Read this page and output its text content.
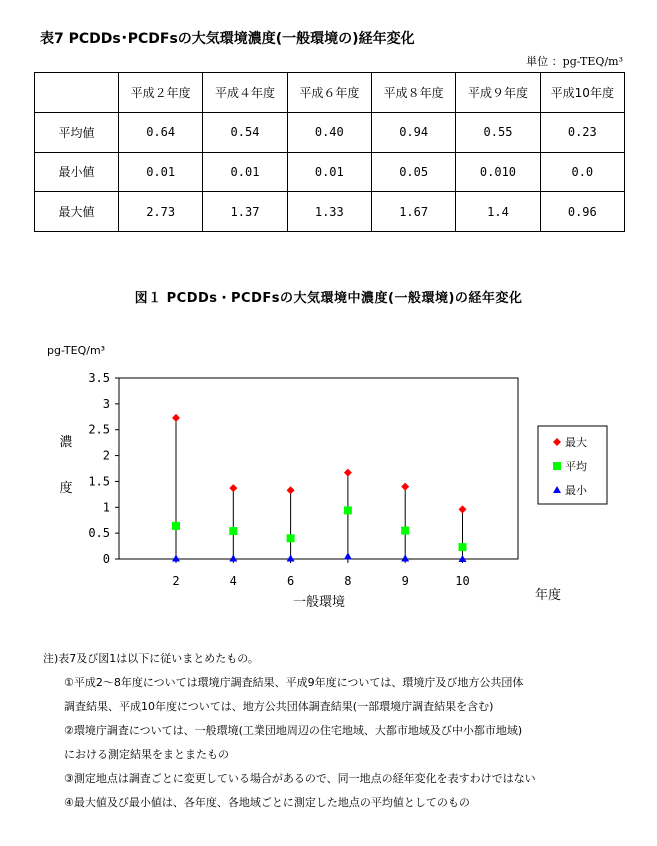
表7 PCDDs･PCDFsの大気環境濃度(一般環境の)経年変化
単位 ：pg-TEQ/m³
	平成２年度	平成４年度	平成６年度	平成８年度	平成９年度	平成10年度
平均値	0.64	0.54	0.40	0.94	0.55	0.23
最小値	0.01	0.01	0.01	0.05	0.010	0.0
最大値	2.73	1.37	1.33	1.67	1.4	0.96
図１ PCDDs・PCDFsの大気環境中濃度(一般環境)の経年変化
pg-TEQ/m³
0
0.5
1
1.5
2
2.5
3
3.5
2	4	6	8	9	10
濃
度
一般環境	年度
最大
平均
最小
注)表7及び図1は以下に従いまとめたもの。
①平成2～8年度については環境庁調査結果、平成9年度については、環境庁及び地方公共団体
調査結果、平成10年度については、地方公共団体調査結果(一部環境庁調査結果を含む)
②環境庁調査については、一般環境(工業団地周辺の住宅地域、大都市地域及び中小都市地域)
における測定結果をまとまたもの
③測定地点は調査ごとに変更している場合があるので、同一地点の経年変化を表すわけではない
④最大値及び最小値は、各年度、各地域ごとに測定した地点の平均値としてのもの
